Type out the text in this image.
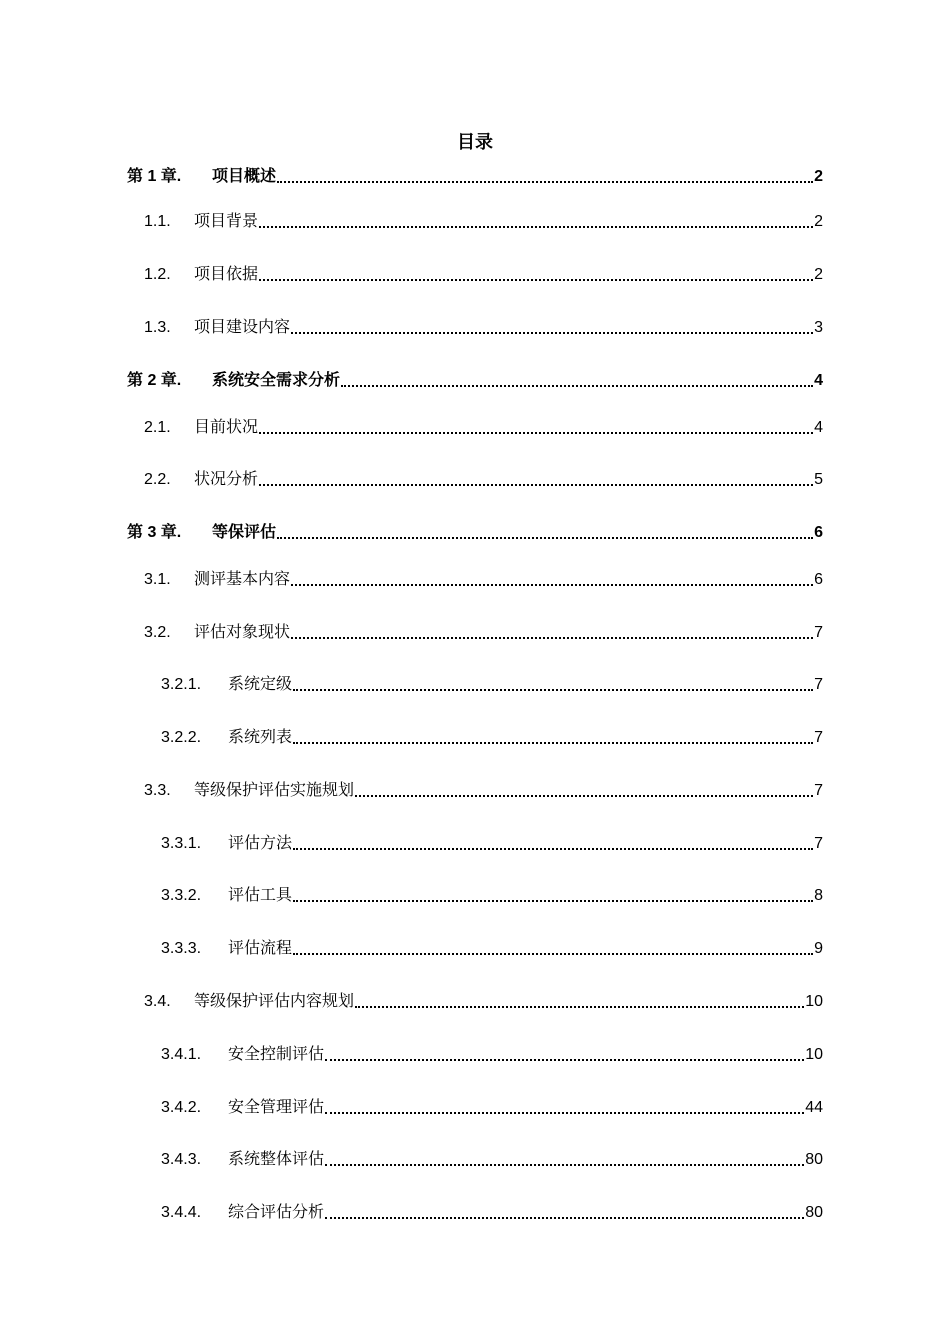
目录
第 1 章. 项目概述	2
1.1. 项目背景	2
1.2. 项目依据	2
1.3. 项目建设内容	3
第 2 章. 系统安全需求分析	4
2.1. 目前状况	4
2.2. 状况分析	5
第 3 章. 等保评估	6
3.1. 测评基本内容	6
3.2. 评估对象现状	7
3.2.1. 系统定级	7
3.2.2. 系统列表	7
3.3. 等级保护评估实施规划	7
3.3.1. 评估方法	7
3.3.2. 评估工具	8
3.3.3. 评估流程	9
3.4. 等级保护评估内容规划	10
3.4.1. 安全控制评估	10
3.4.2. 安全管理评估	44
3.4.3. 系统整体评估	80
3.4.4. 综合评估分析	80
